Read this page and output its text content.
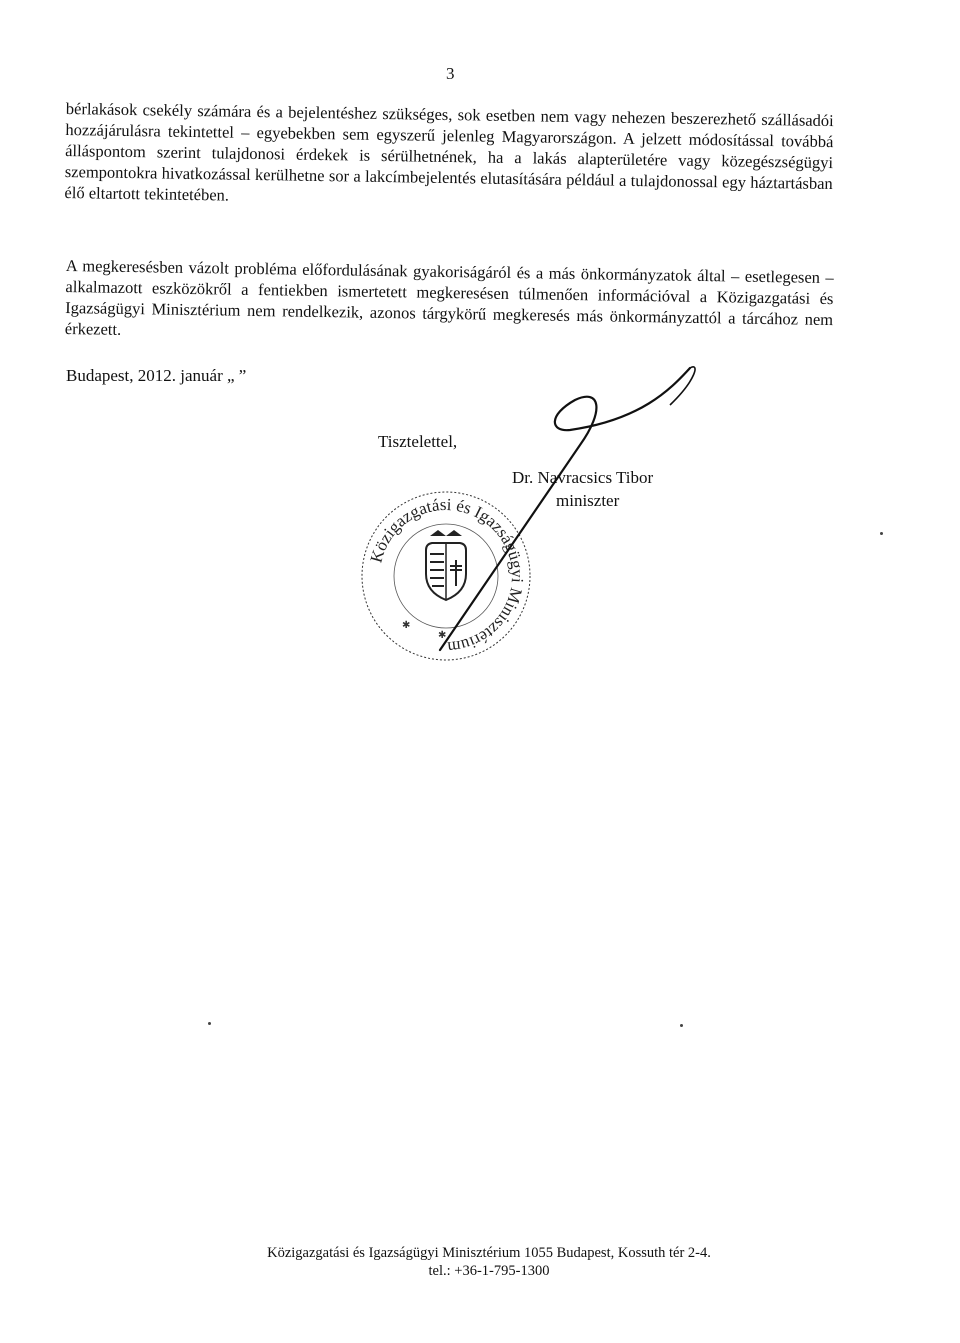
3
bérlakások csekély számára és a bejelentéshez szükséges, sok esetben nem vagy nehezen beszerezhető szállásadói hozzájárulásra tekintettel – egyebekben sem egyszerű jelenleg Magyarországon. A jelzett módosítással továbbá álláspontom szerint tulajdonosi érdekek is sérülhetnének, ha a lakás alapterületére vagy közegészségügyi szempontokra hivatkozással kerülhetne sor a lakcímbejelentés elutasítására például a tulajdonossal egy háztartásban élő eltartott tekintetében.
A megkeresésben vázolt probléma előfordulásának gyakoriságáról és a más önkormányzatok által – esetlegesen – alkalmazott eszközökről a fentiekben ismertetett megkeresésen túlmenően információval a Közigazgatási és Igazságügyi Minisztérium nem rendelkezik, azonos tárgykörű megkeresés más önkormányzattól a tárcához nem érkezett.
Budapest, 2012. január „ ”
Tisztelettel,
Közigazgatási és Igazságügyi Minisztérium
✱
✱
Dr. Navracsics Tibor
miniszter
Közigazgatási és Igazságügyi Minisztérium 1055 Budapest, Kossuth tér 2-4.
tel.: +36-1-795-1300
